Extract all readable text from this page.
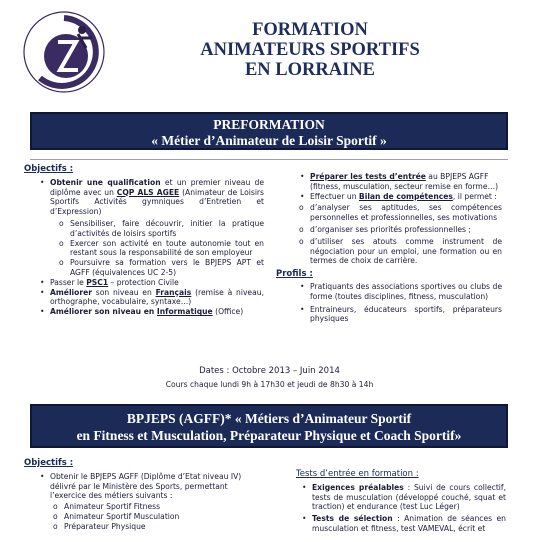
FORMATION
ANIMATEURS SPORTIFS
EN LORRAINE
PREFORMATION
« Métier d’Animateur de Loisir Sportif »
Objectifs :
• Obtenir une qualification et un premier niveau de diplôme avec un CQP ALS AGEE (Animateur de Loisirs Sportifs Activités gymniques d’Entretien et d’Expression)
o Sensibiliser, faire découvrir, initier la pratique d’activités de loisirs sportifs
o Exercer son activité en toute autonomie tout en restant sous la responsabilité de son employeur
o Poursuivre sa formation vers le BPJEPS APT et AGFF (équivalences UC 2-5)
• Passer le PSC1 – protection Civile
• Améliorer son niveau en Français (remise à niveau, orthographe, vocabulaire, syntaxe…)
• Améliorer son niveau en Informatique (Office)
• Préparer les tests d’entrée au BPJEPS AGFF (fitness, musculation, secteur remise en forme…)
• Effectuer un Bilan de compétences, il permet :
o d’analyser ses aptitudes, ses compétences personnelles et professionnelles, ses motivations
o d’organiser ses priorités professionnelles ;
o d’utiliser ses atouts comme instrument de négociation pour un emploi, une formation ou en termes de choix de carrière.
Profils :
• Pratiquants des associations sportives ou clubs de forme (toutes disciplines, fitness, musculation)
• Entraineurs, éducateurs sportifs, préparateurs physiques
Dates : Octobre 2013 – Juin 2014
Cours chaque lundi 9h à 17h30 et jeudi de 8h30 à 14h
BPJEPS (AGFF)* « Métiers d’Animateur Sportif
en Fitness et Musculation, Préparateur Physique et Coach Sportif»
Objectifs :
• Obtenir le BPJEPS AGFF (Diplôme d’Etat niveau IV) délivré par le Ministère des Sports, permettant l’exercice des métiers suivants :
o Animateur Sportif Fitness
o Animateur Sportif Musculation
o Préparateur Physique
Tests d’entrée en formation :
• Exigences préalables : Suivi de cours collectif, tests de musculation (développé couché, squat et traction) et endurance (test Luc Léger)
• Tests de sélection : Animation de séances en musculation et fitness, test VAMEVAL, écrit et
